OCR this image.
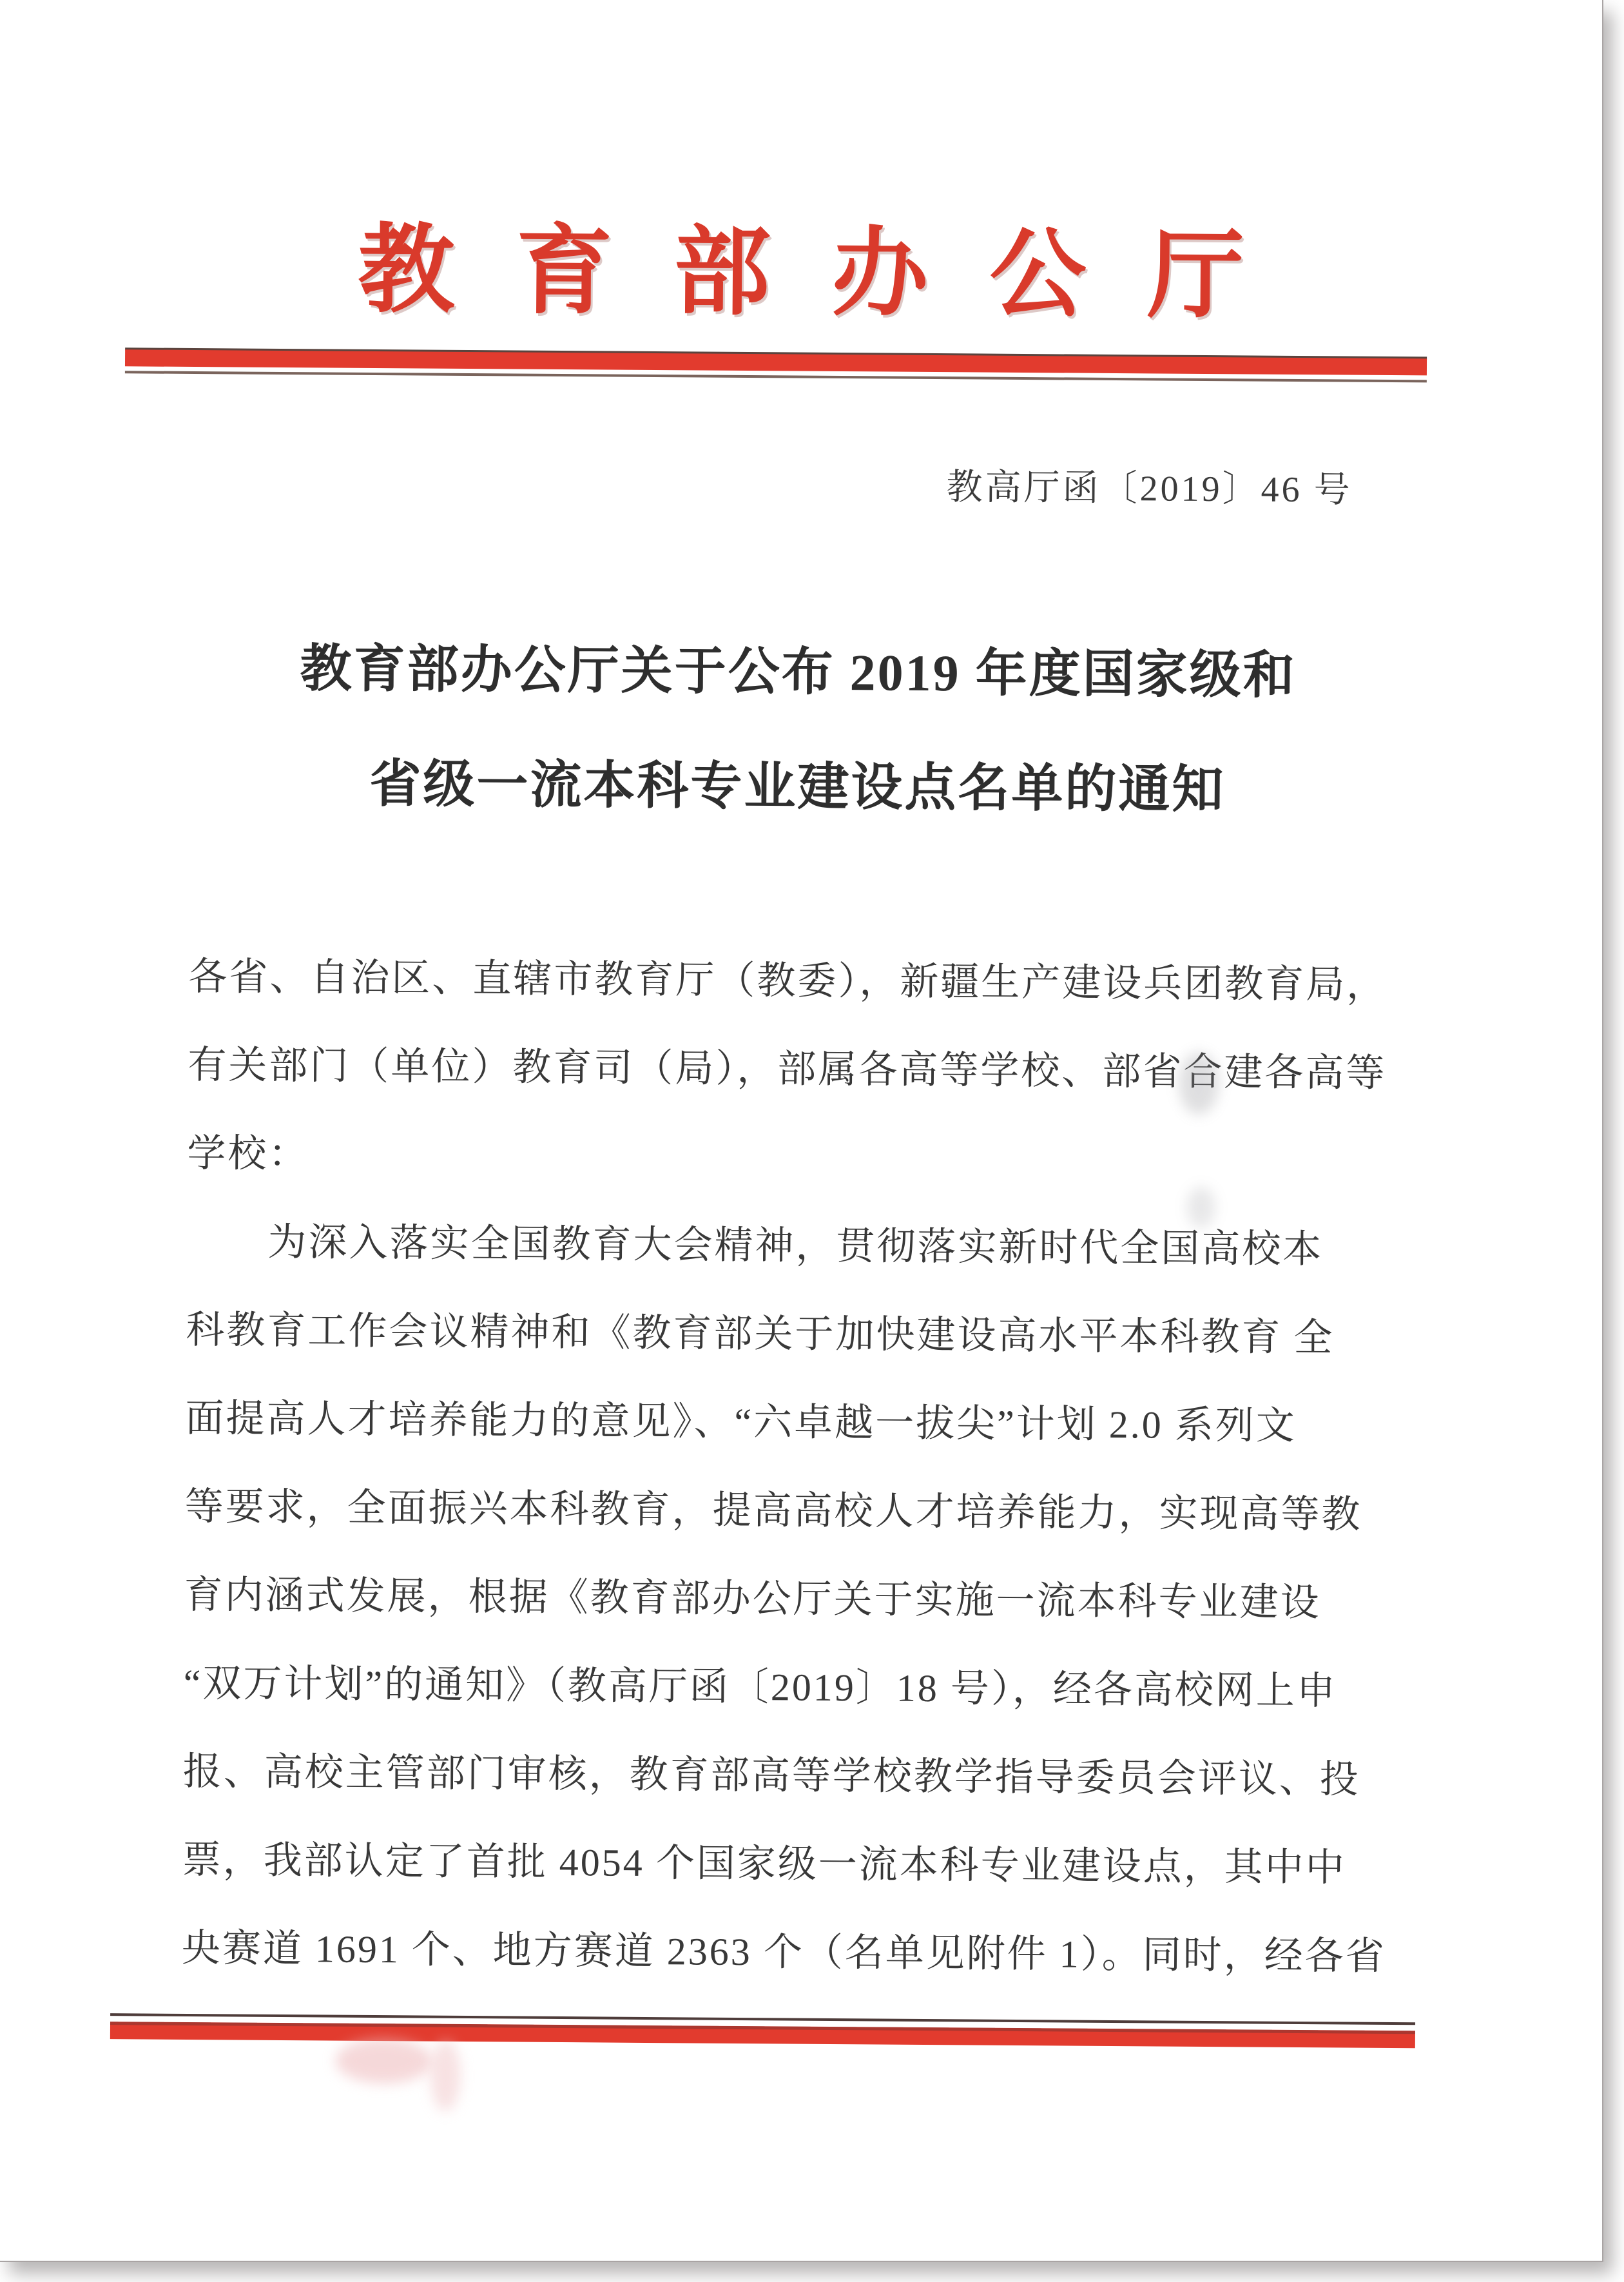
教育部办公厅
教高厅函〔2019〕46 号
教育部办公厅关于公布 2019 年度国家级和
省级一流本科专业建设点名单的通知
各省、自治区、直辖市教育厅（教委），新疆生产建设兵团教育局，
有关部门（单位）教育司（局），部属各高等学校、部省合建各高等
学校：
为深入落实全国教育大会精神，贯彻落实新时代全国高校本
科教育工作会议精神和《教育部关于加快建设高水平本科教育 全
面提高人才培养能力的意见》、“六卓越一拔尖”计划 2.0 系列文
等要求，全面振兴本科教育，提高高校人才培养能力，实现高等教
育内涵式发展，根据《教育部办公厅关于实施一流本科专业建设
“双万计划”的通知》（教高厅函〔2019〕18 号），经各高校网上申
报、高校主管部门审核，教育部高等学校教学指导委员会评议、投
票，我部认定了首批 4054 个国家级一流本科专业建设点，其中中
央赛道 1691 个、地方赛道 2363 个（名单见附件 1）。同时，经各省
